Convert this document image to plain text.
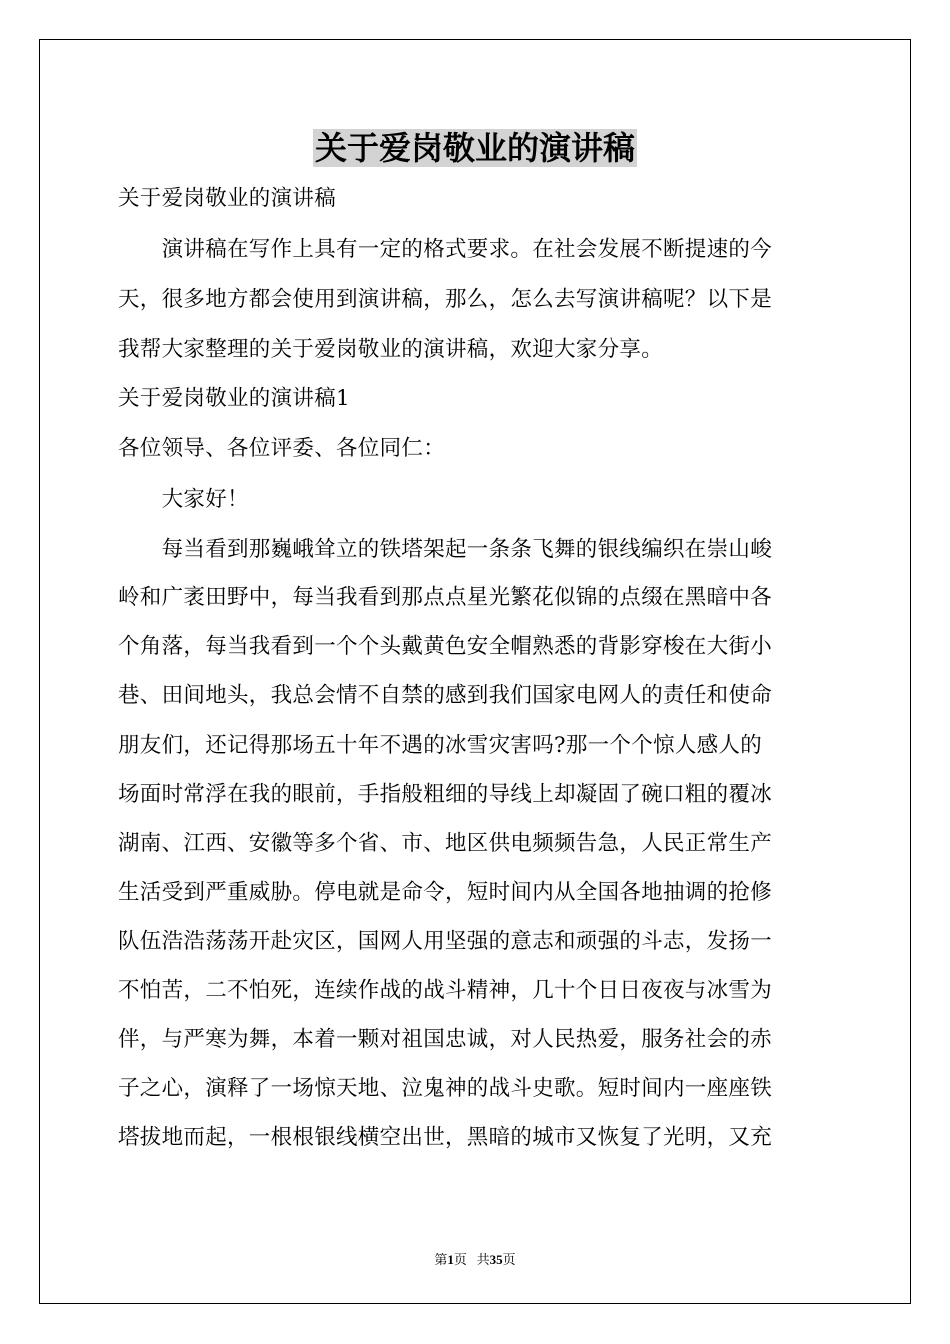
关于爱岗敬业的演讲稿
关于爱岗敬业的演讲稿
　　演讲稿在写作上具有一定的格式要求。在社会发展不断提速的今
天，很多地方都会使用到演讲稿，那么，怎么去写演讲稿呢？以下是
我帮大家整理的关于爱岗敬业的演讲稿，欢迎大家分享。
关于爱岗敬业的演讲稿1
各位领导、各位评委、各位同仁：
　　大家好！
　　每当看到那巍峨耸立的铁塔架起一条条飞舞的银线编织在崇山峻
岭和广袤田野中，每当我看到那点点星光繁花似锦的点缀在黑暗中各
个角落，每当我看到一个个头戴黄色安全帽熟悉的背影穿梭在大街小
巷、田间地头，我总会情不自禁的感到我们国家电网人的责任和使命
朋友们，还记得那场五十年不遇的冰雪灾害吗?那一个个惊人感人的
场面时常浮在我的眼前，手指般粗细的导线上却凝固了碗口粗的覆冰
湖南、江西、安徽等多个省、市、地区供电频频告急，人民正常生产
生活受到严重威胁。停电就是命令，短时间内从全国各地抽调的抢修
队伍浩浩荡荡开赴灾区，国网人用坚强的意志和顽强的斗志，发扬一
不怕苦，二不怕死，连续作战的战斗精神，几十个日日夜夜与冰雪为
伴，与严寒为舞，本着一颗对祖国忠诚，对人民热爱，服务社会的赤
子之心，演释了一场惊天地、泣鬼神的战斗史歌。短时间内一座座铁
塔拔地而起，一根根银线横空出世，黑暗的城市又恢复了光明，又充
第1页 共35页
